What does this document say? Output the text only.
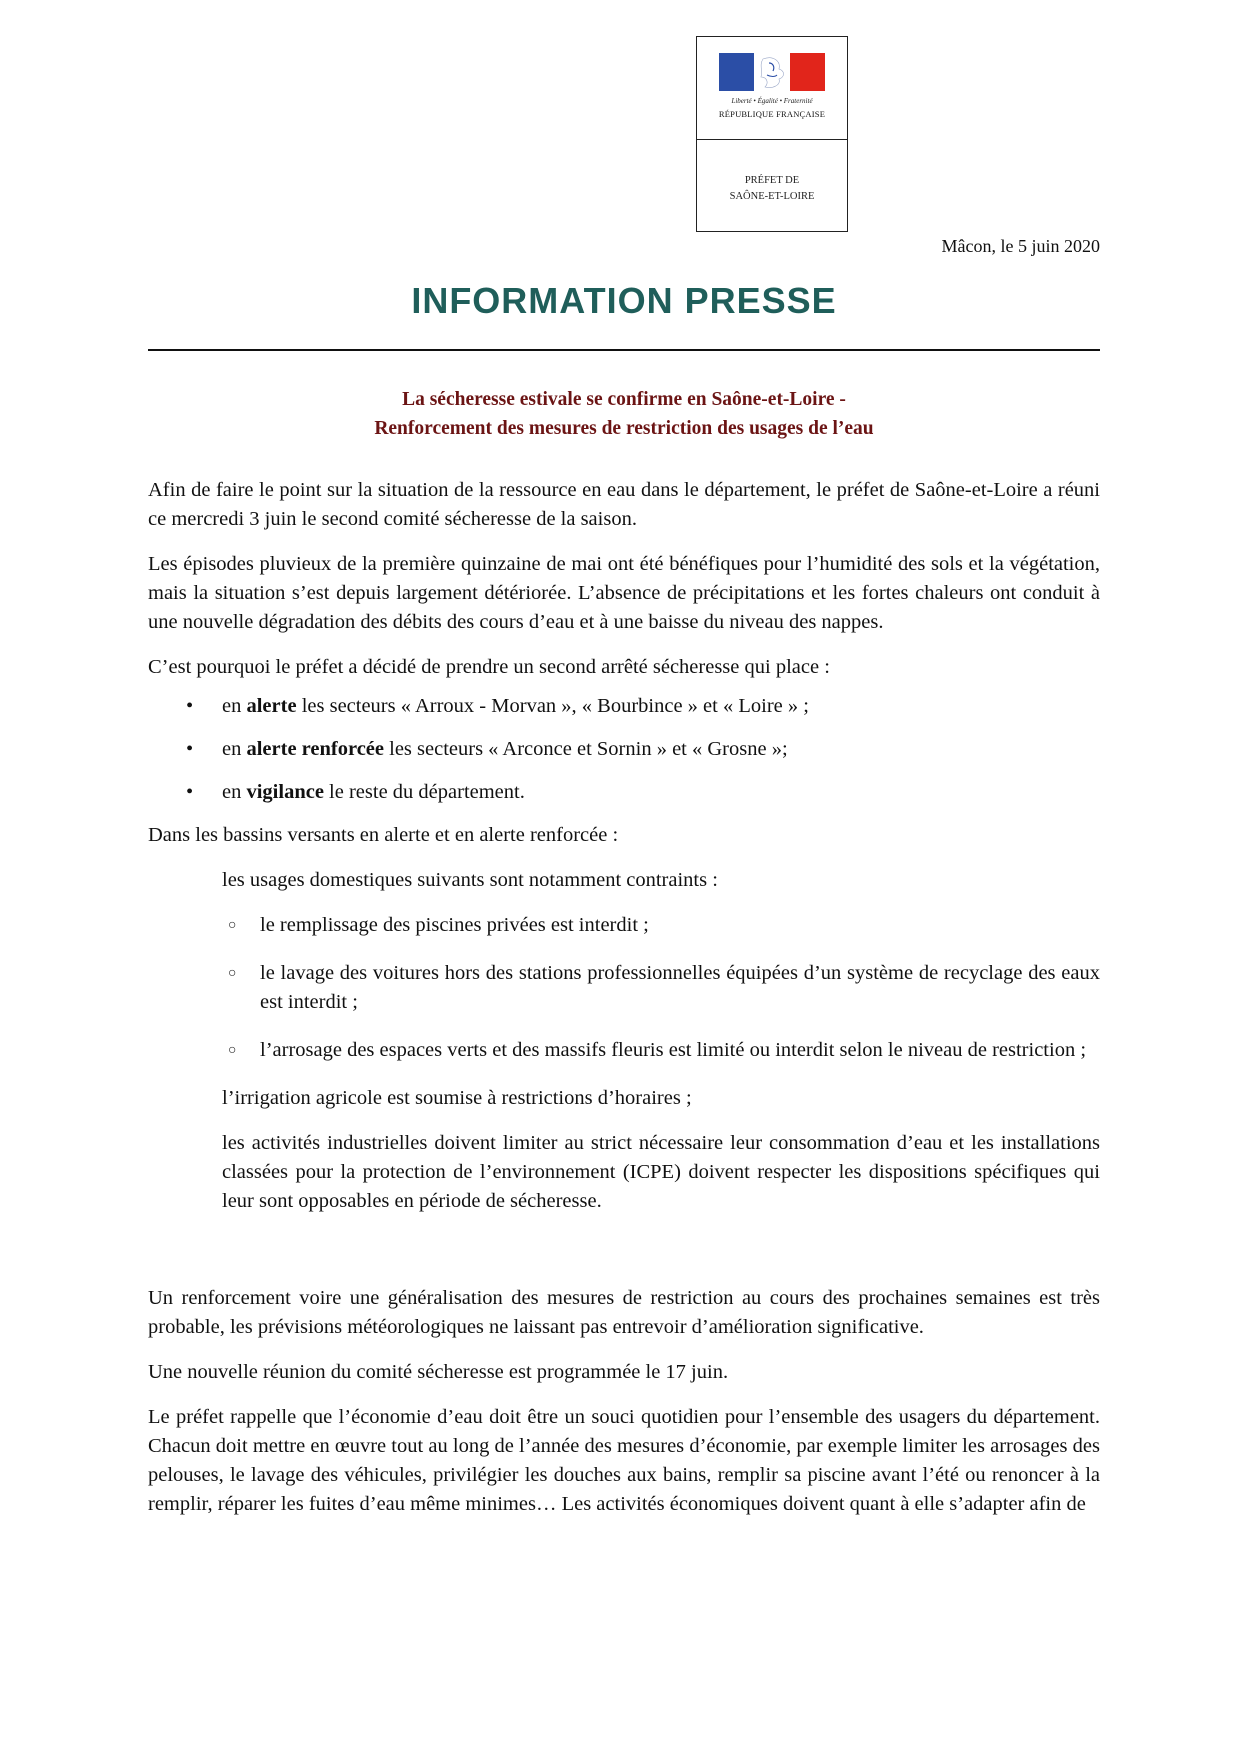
Liberté • Égalité • Fraternité
RÉPUBLIQUE FRANÇAISE
PRÉFET DE
SAÔNE-ET-LOIRE
Mâcon, le 5 juin 2020
INFORMATION PRESSE
La sécheresse estivale se confirme en Saône-et-Loire -
Renforcement des mesures de restriction des usages de l’eau

Afin de faire le point sur la situation de la ressource en eau dans le département, le préfet de Saône-et-Loire a réuni ce mercredi 3 juin le second comité sécheresse de la saison.

Les épisodes pluvieux de la première quinzaine de mai ont été bénéfiques pour l’humidité des sols et la végétation, mais la situation s’est depuis largement détériorée. L’absence de précipitations et les fortes chaleurs ont conduit à une nouvelle dégradation des débits des cours d’eau et à une baisse du niveau des nappes.

C’est pourquoi le préfet a décidé de prendre un second arrêté sécheresse qui place :

• en alerte les secteurs « Arroux - Morvan », « Bourbince » et « Loire » ;
• en alerte renforcée les secteurs « Arconce et Sornin » et « Grosne »;
• en vigilance le reste du département.

Dans les bassins versants en alerte et en alerte renforcée :

les usages domestiques suivants sont notamment contraints :

○ le remplissage des piscines privées est interdit ;
○ le lavage des voitures hors des stations professionnelles équipées d’un système de recyclage des eaux est interdit ;
○ l’arrosage des espaces verts et des massifs fleuris est limité ou interdit selon le niveau de restriction ;

l’irrigation agricole est soumise à restrictions d’horaires ;

les activités industrielles doivent limiter au strict nécessaire leur consommation d’eau et les installations classées pour la protection de l’environnement (ICPE) doivent respecter les dispositions spécifiques qui leur sont opposables en période de sécheresse.

Un renforcement voire une généralisation des mesures de restriction au cours des prochaines semaines est très probable, les prévisions météorologiques ne laissant pas entrevoir d’amélioration significative.

Une nouvelle réunion du comité sécheresse est programmée le 17 juin.

Le préfet rappelle que l’économie d’eau doit être un souci quotidien pour l’ensemble des usagers du département. Chacun doit mettre en œuvre tout au long de l’année des mesures d’économie, par exemple limiter les arrosages des pelouses, le lavage des véhicules, privilégier les douches aux bains, remplir sa piscine avant l’été ou renoncer à la remplir, réparer les fuites d’eau même minimes… Les activités économiques doivent quant à elle s’adapter afin de
